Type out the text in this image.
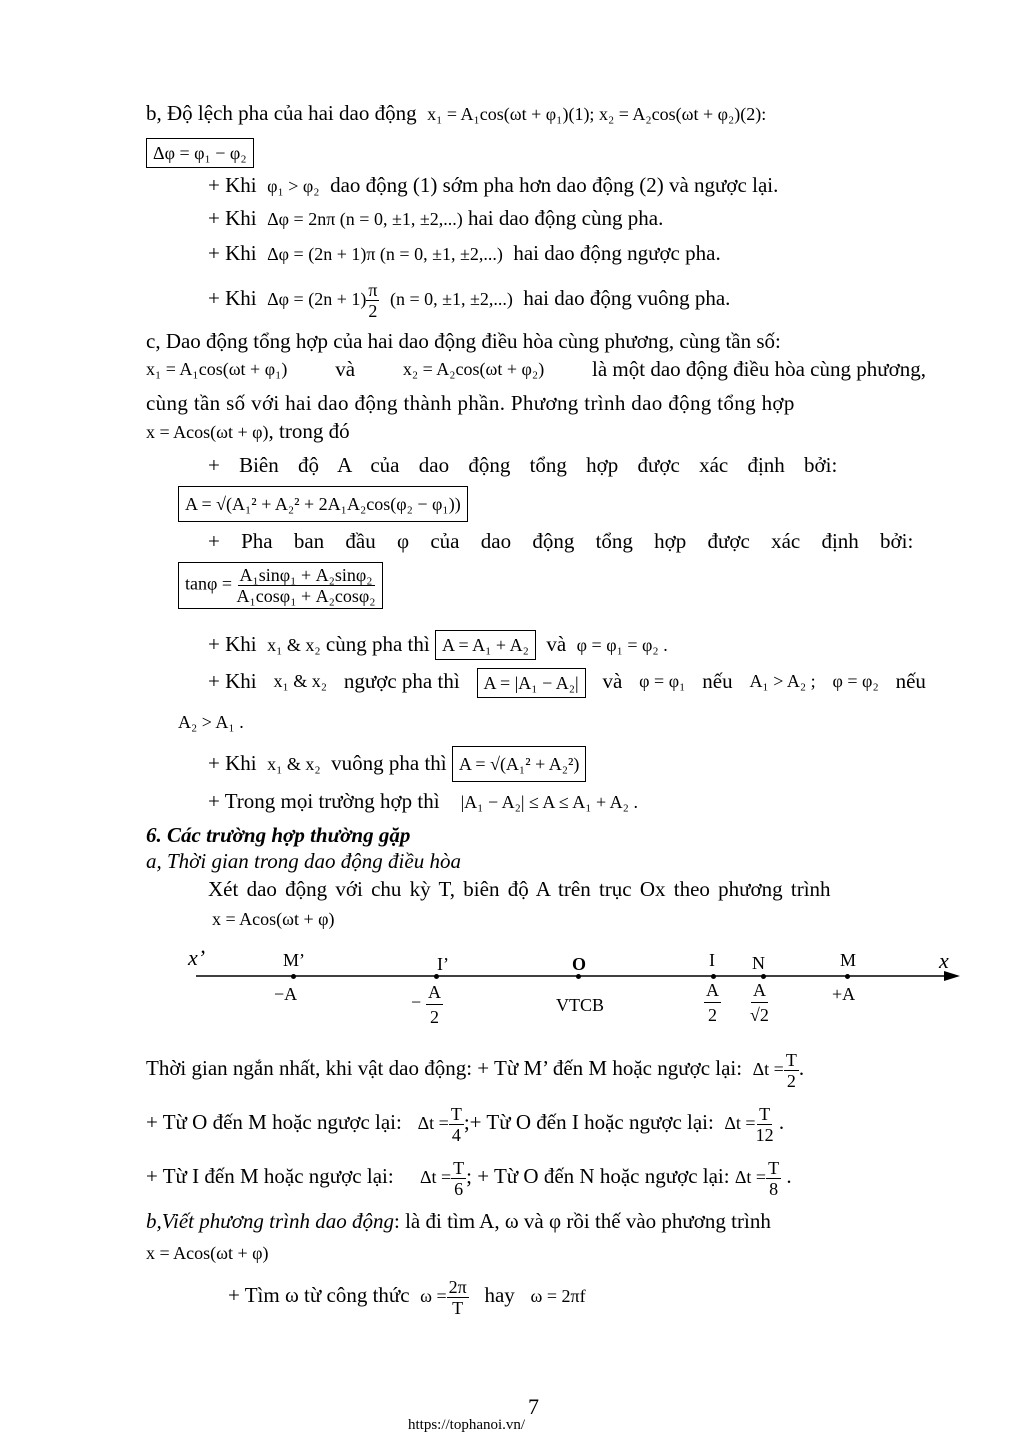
b, Độ lệch pha của hai dao động x₁ = A₁cos(ωt + φ₁)(1); x₂ = A₂cos(ωt + φ₂)(2):
Δφ = φ₁ − φ₂
+ Khi φ₁ > φ₂ dao động (1) sớm pha hơn dao động (2) và ngược lại.
+ Khi Δφ = 2nπ (n = 0, ±1, ±2,...) hai dao động cùng pha.
+ Khi Δφ = (2n + 1)π (n = 0, ±1, ±2,...) hai dao động ngược pha.
+ Khi $\Delta\varphi = (2n + 1) \frac{\pi}{2} (n = 0$, ±1, ±2,...) hai dao động vuông pha.
c, Dao động tổng hợp của hai dao động điều hòa cùng phương, cùng tần số:
x₁ = A₁cos(ωt + φ₁) và	x₂ = A₂cos(ωt + φ₂) là một dao động điều hòa cùng phương,
cùng tần số với hai dao động thành phần. Phương trình dao động tổng hợp
x = Acos(ωt + φ), trong đó
+ Biên độ A của dao động tổng hợp được xác định bởi:
A = √(A₁² + A₂² + 2A₁A₂cos(φ₂ − φ₁))
+ Pha ban đầu φ của dao động tổng hợp được xác định bởi:
$\tan\varphi = \frac{\text{A₁sinφ₁ + A₂sinφ₂}}{\text{A₁cosφ₁ + A₂cosφ₂}}$
+ Khi x₁ & x₂ cùng pha thì A = A₁ + A₂ và φ = φ₁ = φ₂ .
+ Khi x₁ & x₂ ngược pha thì	A = |A₁ − A₂|	và φ = φ₁ nếu A₁ > A₂ ; φ = φ₂ nếu
A₂ > A₁ .
+ Khi x₁ & x₂ vuông pha thì A = √(A₁² + A₂²)
+ Trong mọi trường hợp thì |A₁ − A₂| ≤ A ≤ A₁ + A₂ .
6. Các trường hợp thường gặp
a, Thời gian trong dao động điều hòa
Xét dao động với chu kỳ T, biên độ A trên trục Ox theo phương trình
x = Acos(ωt + φ)
x’	x
M’
−A
I’
− $\frac{A}{2}$
O
VTCB
I
$\frac{A}{2}$
N
$\frac{A}{√2}$
M
+A
Thời gian ngắn nhất, khi vật dao động: + Từ M’ đến M hoặc ngược lại: $\Delta t = \frac{T}{2}$ .
+ Từ O đến M hoặc ngược lại: $\Delta t = \frac{T}{4}$ ;+ Từ O đến I hoặc ngược lại: $\Delta t = \frac{T}{12}$ .
+ Từ I đến M hoặc ngược lại: $\Delta t = \frac{T}{6}$ ; + Từ O đến N hoặc ngược lại: $\Delta t = \frac{T}{8}$ .
b,Viết phương trình dao động: là đi tìm A, ω và φ rồi thế vào phương trình
x = Acos(ωt + φ)
+ Tìm ω từ công thức $\omega = \frac{2\pi}{T}$ hay ω = 2πf
7
https://tophanoi.vn/
